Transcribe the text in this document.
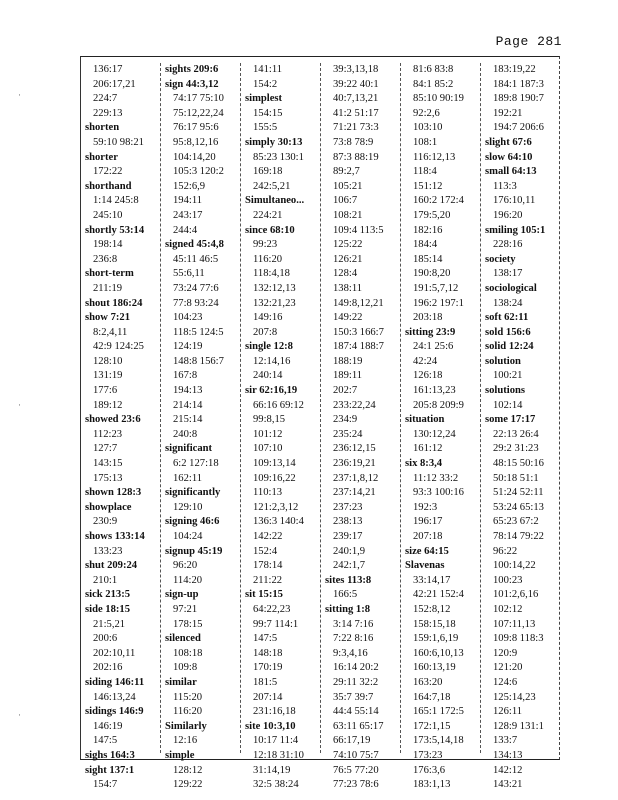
Page 281
·
·
·
136:17
206:17,21
224:7
229:13
shorten
59:10 98:21
shorter
172:22
shorthand
1:14 245:8
245:10
shortly 53:14
198:14
236:8
short-term
211:19
shout 186:24
show 7:21
8:2,4,11
42:9 124:25
128:10
131:19
177:6
189:12
showed 23:6
112:23
127:7
143:15
175:13
shown 128:3
showplace
230:9
shows 133:14
133:23
shut 209:24
210:1
sick 213:5
side 18:15
21:5,21
200:6
202:10,11
202:16
siding 146:11
146:13,24
sidings 146:9
146:19
147:5
sighs 164:3
sight 137:1
154:7
sights 209:6
sign 44:3,12
74:17 75:10
75:12,22,24
76:17 95:6
95:8,12,16
104:14,20
105:3 120:2
152:6,9
194:11
243:17
244:4
signed 45:4,8
45:11 46:5
55:6,11
73:24 77:6
77:8 93:24
104:23
118:5 124:5
124:19
148:8 156:7
167:8
194:13
214:14
215:14
240:8
significant
6:2 127:18
162:11
significantly
129:10
signing 46:6
104:24
signup 45:19
96:20
114:20
sign-up
97:21
178:15
silenced
108:18
109:8
similar
115:20
116:20
Similarly
12:16
simple
128:12
129:22
141:11
154:2
simplest
154:15
155:5
simply 30:13
85:23 130:1
169:18
242:5,21
Simultaneo...
224:21
since 68:10
99:23
116:20
118:4,18
132:12,13
132:21,23
149:16
207:8
single 12:8
12:14,16
240:14
sir 62:16,19
66:16 69:12
99:8,15
101:12
107:10
109:13,14
109:16,22
110:13
121:2,3,12
136:3 140:4
142:22
152:4
178:14
211:22
sit 15:15
64:22,23
99:7 114:1
147:5
148:18
170:19
181:5
207:14
231:16,18
site 10:3,10
10:17 11:4
12:18 31:10
31:14,19
32:5 38:24
39:3,13,18
39:22 40:1
40:7,13,21
41:2 51:17
71:21 73:3
73:8 78:9
87:3 88:19
89:2,7
105:21
106:7
108:21
109:4 113:5
125:22
126:21
128:4
138:11
149:8,12,21
149:22
150:3 166:7
187:4 188:7
188:19
189:11
202:7
233:22,24
234:9
235:24
236:12,15
236:19,21
237:1,8,12
237:14,21
237:23
238:13
239:17
240:1,9
242:1,7
sites 113:8
166:5
sitting 1:8
3:14 7:16
7:22 8:16
9:3,4,16
16:14 20:2
29:11 32:2
35:7 39:7
44:4 55:14
63:11 65:17
66:17,19
74:10 75:7
76:5 77:20
77:23 78:6
81:6 83:8
84:1 85:2
85:10 90:19
92:2,6
103:10
108:1
116:12,13
118:4
151:12
160:2 172:4
179:5,20
182:16
184:4
185:14
190:8,20
191:5,7,12
196:2 197:1
203:18
sitting 23:9
24:1 25:6
42:24
126:18
161:13,23
205:8 209:9
situation
130:12,24
161:12
six 8:3,4
11:12 33:2
93:3 100:16
192:3
196:17
207:18
size 64:15
Slavenas
33:14,17
42:21 152:4
152:8,12
158:15,18
159:1,6,19
160:6,10,13
160:13,19
163:20
164:7,18
165:1 172:5
172:1,15
173:5,14,18
173:23
176:3,6
183:1,13
183:19,22
184:1 187:3
189:8 190:7
192:21
194:7 206:6
slight 67:6
slow 64:10
small 64:13
113:3
176:10,11
196:20
smiling 105:1
228:16
society
138:17
sociological
138:24
soft 62:11
sold 156:6
solid 12:24
solution
100:21
solutions
102:14
some 17:17
22:13 26:4
29:2 31:23
48:15 50:16
50:18 51:1
51:24 52:11
53:24 65:13
65:23 67:2
78:14 79:22
96:22
100:14,22
100:23
101:2,6,16
102:12
107:11,13
109:8 118:3
120:9
121:20
124:6
125:14,23
126:11
128:9 131:1
133:7
134:13
142:12
143:21
